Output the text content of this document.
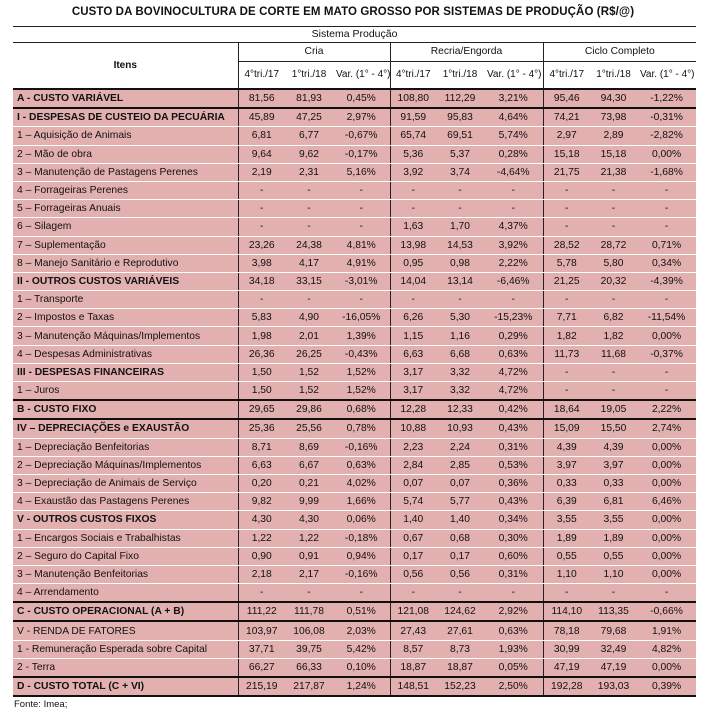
CUSTO DA BOVINOCULTURA DE CORTE EM MATO GROSSO POR SISTEMAS DE PRODUÇÃO (R$/@)
Sistema Produção									
Itens	Cria			Recria/Engorda			Ciclo Completo		
	4°tri./17	1°tri./18	Var. (1° - 4°)	4°tri./17	1°tri./18	Var. (1° - 4°)	4°tri./17	1°tri./18	Var. (1° - 4°)
A - CUSTO VARIÁVEL	81,56	81,93	0,45%	108,80	112,29	3,21%	95,46	94,30	-1,22%
I - DESPESAS DE CUSTEIO DA PECUÁRIA	45,89	47,25	2,97%	91,59	95,83	4,64%	74,21	73,98	-0,31%
1 – Aquisição de Animais	6,81	6,77	-0,67%	65,74	69,51	5,74%	2,97	2,89	-2,82%
2 – Mão de obra	9,64	9,62	-0,17%	5,36	5,37	0,28%	15,18	15,18	0,00%
3 – Manutenção de Pastagens Perenes	2,19	2,31	5,16%	3,92	3,74	-4,64%	21,75	21,38	-1,68%
4 – Forrageiras Perenes	-	-	-	-	-	-	-	-	-
5 – Forrageiras Anuais	-	-	-	-	-	-	-	-	-
6 – Silagem	-	-	-	1,63	1,70	4,37%	-	-	-
7 – Suplementação	23,26	24,38	4,81%	13,98	14,53	3,92%	28,52	28,72	0,71%
8 – Manejo Sanitário e Reprodutivo	3,98	4,17	4,91%	0,95	0,98	2,22%	5,78	5,80	0,34%
II - OUTROS CUSTOS VARIÁVEIS	34,18	33,15	-3,01%	14,04	13,14	-6,46%	21,25	20,32	-4,39%
1 – Transporte	-	-	-	-	-	-	-	-	-
2 – Impostos e Taxas	5,83	4,90	-16,05%	6,26	5,30	-15,23%	7,71	6,82	-11,54%
3 – Manutenção Máquinas/Implementos	1,98	2,01	1,39%	1,15	1,16	0,29%	1,82	1,82	0,00%
4 – Despesas Administrativas	26,36	26,25	-0,43%	6,63	6,68	0,63%	11,73	11,68	-0,37%
III - DESPESAS FINANCEIRAS	1,50	1,52	1,52%	3,17	3,32	4,72%	-	-	-
1 – Juros	1,50	1,52	1,52%	3,17	3,32	4,72%	-	-	-
B - CUSTO FIXO	29,65	29,86	0,68%	12,28	12,33	0,42%	18,64	19,05	2,22%
IV – DEPRECIAÇÕES e EXAUSTÃO	25,36	25,56	0,78%	10,88	10,93	0,43%	15,09	15,50	2,74%
1 – Depreciação Benfeitorias	8,71	8,69	-0,16%	2,23	2,24	0,31%	4,39	4,39	0,00%
2 – Depreciação Máquinas/Implementos	6,63	6,67	0,63%	2,84	2,85	0,53%	3,97	3,97	0,00%
3 – Depreciação de Animais de Serviço	0,20	0,21	4,02%	0,07	0,07	0,36%	0,33	0,33	0,00%
4 – Exaustão das Pastagens Perenes	9,82	9,99	1,66%	5,74	5,77	0,43%	6,39	6,81	6,46%
V - OUTROS CUSTOS FIXOS	4,30	4,30	0,06%	1,40	1,40	0,34%	3,55	3,55	0,00%
1 – Encargos Sociais e Trabalhistas	1,22	1,22	-0,18%	0,67	0,68	0,30%	1,89	1,89	0,00%
2 – Seguro do Capital Fixo	0,90	0,91	0,94%	0,17	0,17	0,60%	0,55	0,55	0,00%
3 – Manutenção Benfeitorias	2,18	2,17	-0,16%	0,56	0,56	0,31%	1,10	1,10	0,00%
4 – Arrendamento	-	-	-	-	-	-	-	-	-
C - CUSTO OPERACIONAL (A + B)	111,22	111,78	0,51%	121,08	124,62	2,92%	114,10	113,35	-0,66%
V - RENDA DE FATORES	103,97	106,08	2,03%	27,43	27,61	0,63%	78,18	79,68	1,91%
1 - Remuneração Esperada sobre Capital	37,71	39,75	5,42%	8,57	8,73	1,93%	30,99	32,49	4,82%
2 - Terra	66,27	66,33	0,10%	18,87	18,87	0,05%	47,19	47,19	0,00%
D - CUSTO TOTAL (C + VI)	215,19	217,87	1,24%	148,51	152,23	2,50%	192,28	193,03	0,39%
Fonte: Imea;
